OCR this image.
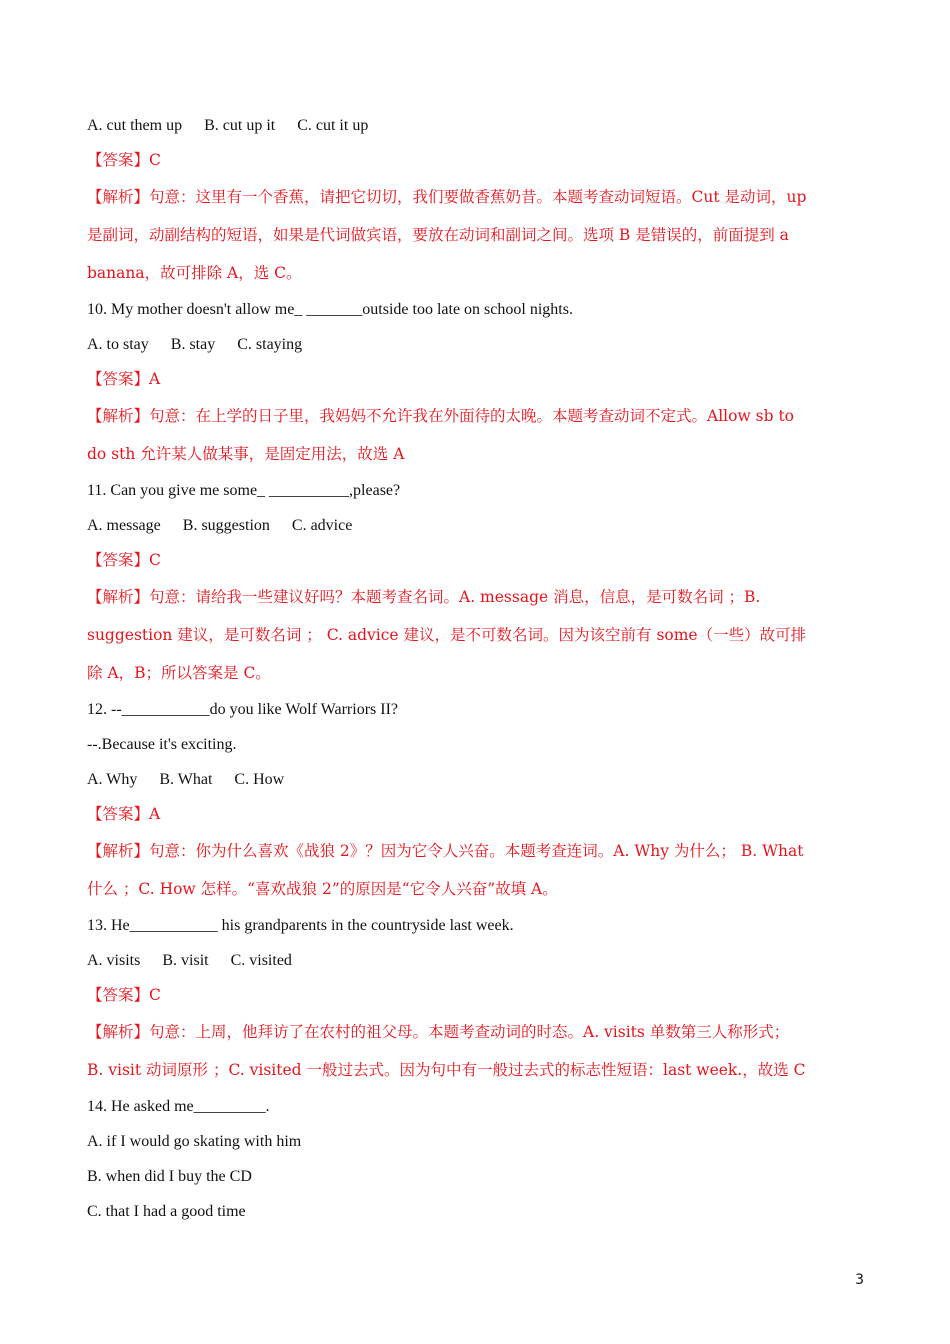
A. cut them up B. cut up it C. cut it up
【答案】C
【解析】句意：这里有一个香蕉，请把它切切，我们要做香蕉奶昔。本题考查动词短语。Cut 是动词，up
是副词，动副结构的短语，如果是代词做宾语，要放在动词和副词之间。选项 B 是错误的，前面提到 a
banana，故可排除 A，选 C。
10. My mother doesn't allow me_ _______outside too late on school nights.
A. to stay B. stay C. staying
【答案】A
【解析】句意：在上学的日子里，我妈妈不允许我在外面待的太晚。本题考查动词不定式。Allow sb to
do sth 允许某人做某事，是固定用法，故选 A
11. Can you give me some_ __________,please?
A. message B. suggestion C. advice
【答案】C
【解析】句意：请给我一些建议好吗？本题考查名词。A. message 消息，信息，是可数名词 ；B.
suggestion 建议，是可数名词 ； C. advice 建议，是不可数名词。因为该空前有 some（一些）故可排
除 A，B；所以答案是 C。
12. --___________do you like Wolf Warriors II?
--.Because it's exciting.
A. Why B. What C. How
【答案】A
【解析】句意：你为什么喜欢《战狼 2》？因为它令人兴奋。本题考查连词。A. Why 为什么； B. What
什么 ；C. How 怎样。“喜欢战狼 2”的原因是“它令人兴奋”故填 A。
13. He___________ his grandparents in the countryside last week.
A. visits B. visit C. visited
【答案】C
【解析】句意：上周，他拜访了在农村的祖父母。本题考查动词的时态。A. visits 单数第三人称形式；
B. visit 动词原形 ；C. visited 一般过去式。因为句中有一般过去式的标志性短语：last week.，故选 C
14. He asked me_________.
A. if I would go skating with him
B. when did I buy the CD
C. that I had a good time
3
